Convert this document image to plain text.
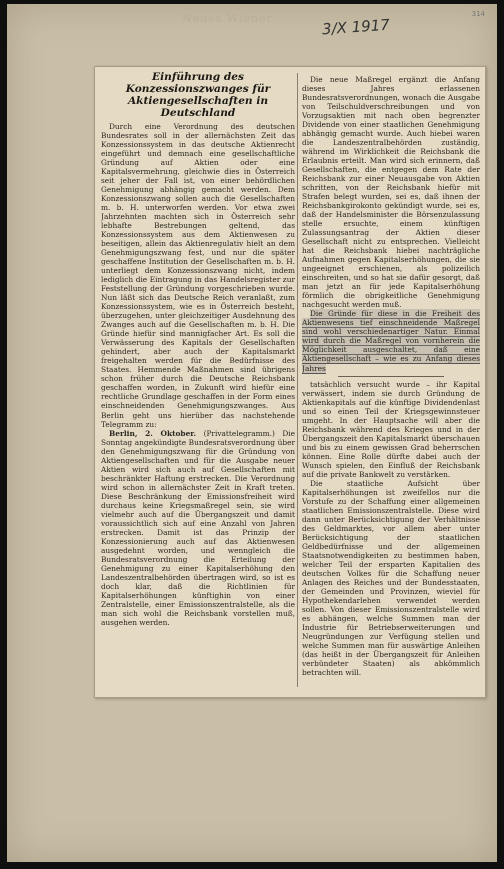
Neues Wiener	3/X 1917
314
Einführung des Konzessionszwanges für Aktiengesellschaften in Deutschland

Durch eine Verordnung des deutschen Bundesrates soll in der allernächsten Zeit das Konzessionssystem in das deutsche Aktienrecht eingeführt und demnach eine gesellschaftliche Gründung auf Aktien oder eine Kapitalsvermehrung, gleichwie dies in Österreich seit jeher der Fall ist, von einer behördlichen Genehmigung abhängig gemacht werden. Dem Konzessionszwang sollen auch die Gesellschaften m. b. H. unterworfen werden. Vor etwa zwei Jahrzehnten machten sich in Österreich sehr lebhafte Bestrebungen geltend, das Konzessionssystem aus dem Aktienwesen zu beseitigen, allein das Aktienregulativ hielt an dem Genehmigungszwang fest, und nur die später geschaffene Institution der Gesellschaften m. b. H. unterliegt dem Konzessionszwang nicht, indem lediglich die Eintragung in das Handelsregister zur Feststellung der Gründung vorgeschrieben wurde. Nun läßt sich das Deutsche Reich veranlaßt, zum Konzessionssystem, wie es in Österreich besteht, überzugehen, unter gleichzeitiger Ausdehnung des Zwanges auch auf die Gesellschaften m. b. H. Die Gründe hiefür sind mannigfacher Art. Es soll die Verwässerung des Kapitals der Gesellschaften gehindert, aber auch der Kapitalsmarkt freigehalten werden für die Bedürfnisse des Staates. Hemmende Maßnahmen sind übrigens schon früher durch die Deutsche Reichsbank geschaffen worden, in Zukunft wird hiefür eine rechtliche Grundlage geschaffen in der Form eines einschneidenden Genehmigungszwanges. Aus Berlin geht uns hierüber das nachstehende Telegramm zu:

Berlin, 2. Oktober. (Privattelegramm.) Die Sonntag angekündigte Bundesratsverordnung über den Genehmigungszwang für die Gründung von Aktiengesellschaften und für die Ausgabe neuer Aktien wird sich auch auf Gesellschaften mit beschränkter Haftung erstrecken. Die Verordnung wird schon in allernächster Zeit in Kraft treten. Diese Beschränkung der Emissionsfreiheit wird durchaus keine Kriegsmaßregel sein, sie wird vielmehr auch auf die Übergangszeit und damit voraussichtlich sich auf eine Anzahl von Jahren erstrecken. Damit ist das Prinzip der Konzessionierung auch auf das Aktienwesen ausgedehnt worden, und wenngleich die Bundesratsverordnung die Erteilung der Genehmigung zu einer Kapitalserhöhung den Landeszentralbehörden übertragen wird, so ist es doch klar, daß die Richtlinien für Kapitalserhöhungen künftighin von einer Zentralstelle, einer Emissionszentralstelle, als die man sich wohl die Reichsbank vorstellen muß, ausgehen werden.

Die neue Maßregel ergänzt die Anfang dieses Jahres erlassenen Bundesratsverordnungen, wonach die Ausgabe von Teilschuldverschreibungen und von Vorzugsaktien mit nach oben begrenzter Dividende von einer staatlichen Genehmigung abhängig gemacht wurde. Auch hiebei waren die Landeszentralbehörden zuständig, während im Wirklichkeit die Reichsbank die Erlaubnis erteilt. Man wird sich erinnern, daß Gesellschaften, die entgegen dem Rate der Reichsbank zur einer Neuausgabe von Aktien schritten, von der Reichsbank hiefür mit Strafen belegt wurden, sei es, daß ihnen der Reichsbankgirokonto gekündigt wurde, sei es, daß der Handelsminister die Börsenzulassung stelle ersuchte, einem künftigen Zulassungsantrag der Aktien dieser Gesellschaft nicht zu entsprechen. Vielleicht hat die Reichsbank hiebei nachträgliche Aufnahmen gegen Kapitalserhöhungen, die sie ungeeignet erschienen, als polizeilich einschreiten, und so hat sie dafür gesorgt, daß man jetzt an für jede Kapitalserhöhung förmlich die obrigkeitliche Genehmigung nachgesucht werden muß.

Die Gründe für diese in die Freiheit des Aktienwesens tief einschneidende Maßregel sind wohl verschiedenartiger Natur. Einmal wird durch die Maßregel von vornherein die Möglichkeit ausgeschaltet, daß eine Aktiengesellschaft – wie es zu Anfang dieses Jahres

tatsächlich versucht wurde – ihr Kapital verwässert, indem sie durch Gründung de Aktienkapitals auf die künftige Dividendenlast und so einen Teil der Kriegsgewinnsteuer umgeht. In der Hauptsache will aber die Reichsbank während des Krieges und in der Übergangszeit den Kapitalsmarkt überschauen und bis zu einem gewissen Grad beherrschen können. Eine Rolle dürfte dabei auch der Wunsch spielen, den Einfluß der Reichsbank auf die private Bankwelt zu verstärken.

Die staatliche Aufsicht über Kapitalserhöhungen ist zweifellos nur die Vorstufe zu der Schaffung einer allgemeinen staatlichen Emissionszentralstelle. Diese wird dann unter Berücksichtigung der Verhältnisse des Geldmarktes, vor allem aber unter Berücksichtigung der staatlichen Geldbedürfnisse und der allgemeinen Staatsnotwendigkeiten zu bestimmen haben, welcher Teil der ersparten Kapitalien des deutschen Volkes für die Schaffung neuer Anlagen des Reiches und der Bundesstaaten, der Gemeinden und Provinzen, wieviel für Hypothekendarlehen verwendet werden sollen. Von dieser Emissionszentralstelle wird es abhängen, welche Summen man der Industrie für Betriebserweiterungen und Neugründungen zur Verfügung stellen und welche Summen man für auswärtige Anleihen (das heißt in der Übergangszeit für Anleihen verbündeter Staaten) als abkömmlich betrachten will.
